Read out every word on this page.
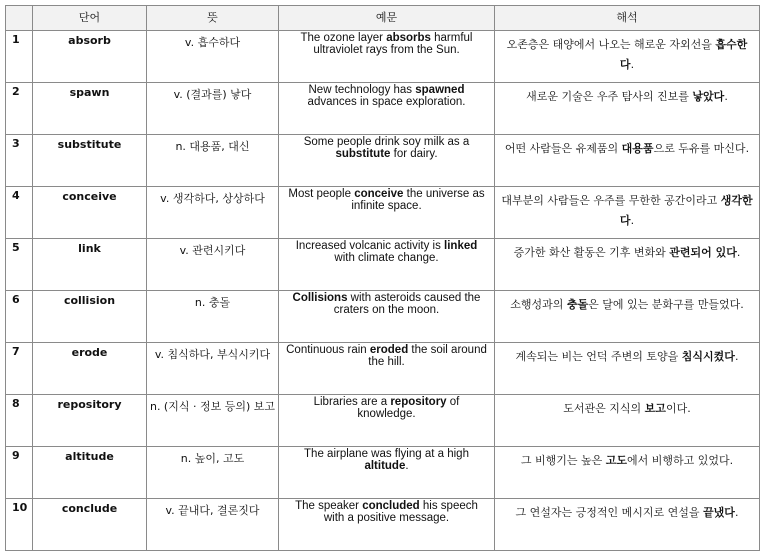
	단어	뜻	예문	해석
1	absorb	v. 흡수하다	The ozone layer absorbs harmful ultraviolet rays from the Sun.	오존층은 태양에서 나오는 해로운 자외선을 흡수한다.
2	spawn	v. (결과를) 낳다	New technology has spawned advances in space exploration.	새로운 기술은 우주 탐사의 진보를 낳았다.
3	substitute	n. 대용품, 대신	Some people drink soy milk as a substitute for dairy.	어떤 사람들은 유제품의 대용품으로 두유를 마신다.
4	conceive	v. 생각하다, 상상하다	Most people conceive the universe as infinite space.	대부분의 사람들은 우주를 무한한 공간이라고 생각한다.
5	link	v. 관련시키다	Increased volcanic activity is linked with climate change.	증가한 화산 활동은 기후 변화와 관련되어 있다.
6	collision	n. 충돌	Collisions with asteroids caused the craters on the moon.	소행성과의 충돌은 달에 있는 분화구를 만들었다.
7	erode	v. 침식하다, 부식시키다	Continuous rain eroded the soil around the hill.	계속되는 비는 언덕 주변의 토양을 침식시켰다.
8	repository	n. (지식 · 정보 등의) 보고	Libraries are a repository of knowledge.	도서관은 지식의 보고이다.
9	altitude	n. 높이, 고도	The airplane was flying at a high altitude.	그 비행기는 높은 고도에서 비행하고 있었다.
10	conclude	v. 끝내다, 결론짓다	The speaker concluded his speech with a positive message.	그 연설자는 긍정적인 메시지로 연설을 끝냈다.
